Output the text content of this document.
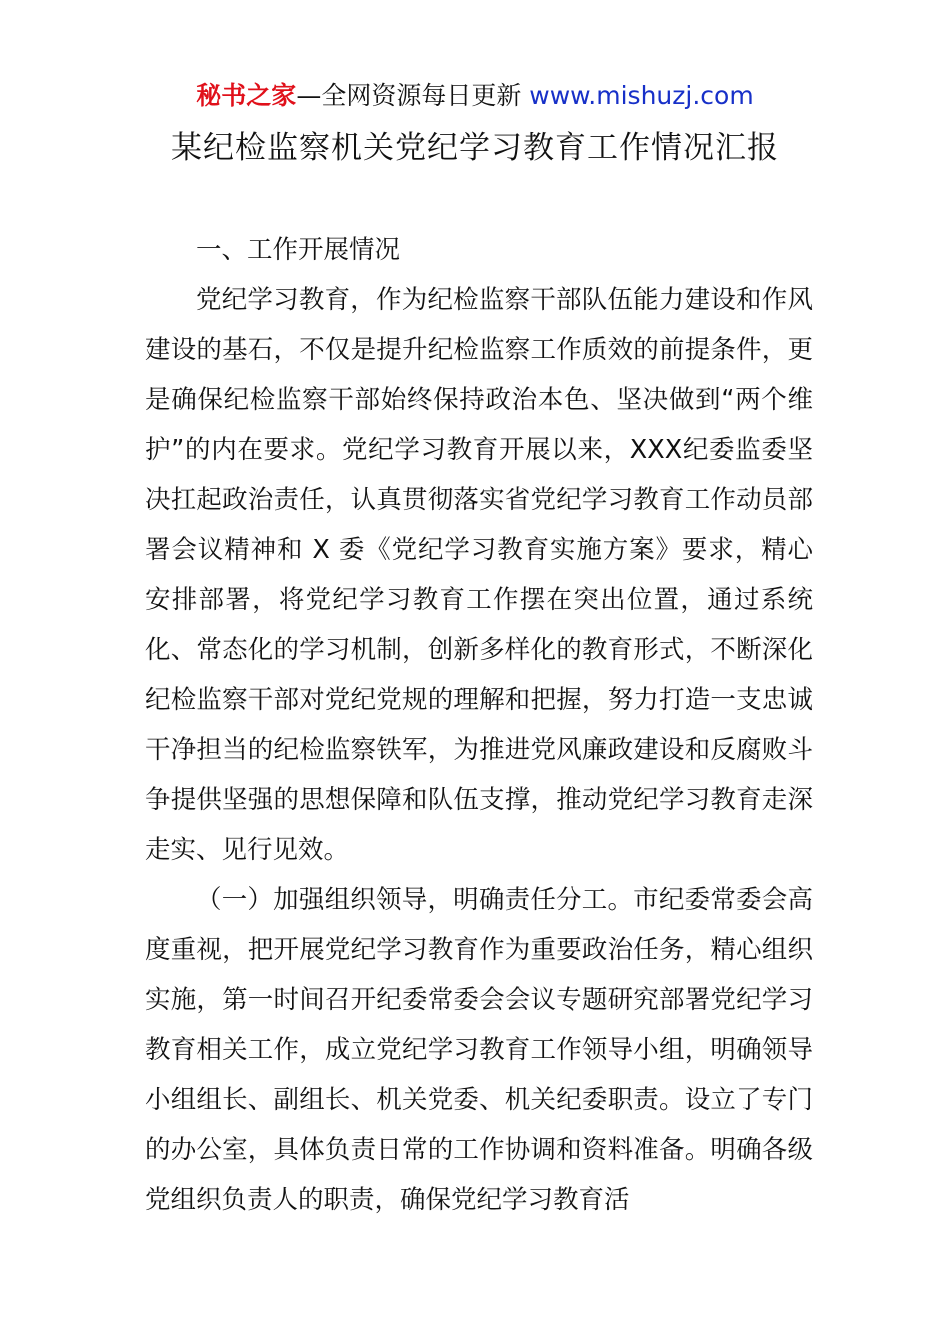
秘书之家—全网资源每日更新 www.mishuzj.com
某纪检监察机关党纪学习教育工作情况汇报

一、工作开展情况

党纪学习教育，作为纪检监察干部队伍能力建设和作风建设的基石，不仅是提升纪检监察工作质效的前提条件，更是确保纪检监察干部始终保持政治本色、坚决做到“两个维护”的内在要求。党纪学习教育开展以来，XXX纪委监委坚决扛起政治责任，认真贯彻落实省党纪学习教育工作动员部署会议精神和 X 委《党纪学习教育实施方案》要求，精心安排部署，将党纪学习教育工作摆在突出位置，通过系统化、常态化的学习机制，创新多样化的教育形式，不断深化纪检监察干部对党纪党规的理解和把握，努力打造一支忠诚干净担当的纪检监察铁军，为推进党风廉政建设和反腐败斗争提供坚强的思想保障和队伍支撑，推动党纪学习教育走深走实、见行见效。

（一）加强组织领导，明确责任分工。市纪委常委会高度重视，把开展党纪学习教育作为重要政治任务，精心组织实施，第一时间召开纪委常委会会议专题研究部署党纪学习教育相关工作，成立党纪学习教育工作领导小组，明确领导小组组长、副组长、机关党委、机关纪委职责。设立了专门的办公室，具体负责日常的工作协调和资料准备。明确各级党组织负责人的职责，确保党纪学习教育活
